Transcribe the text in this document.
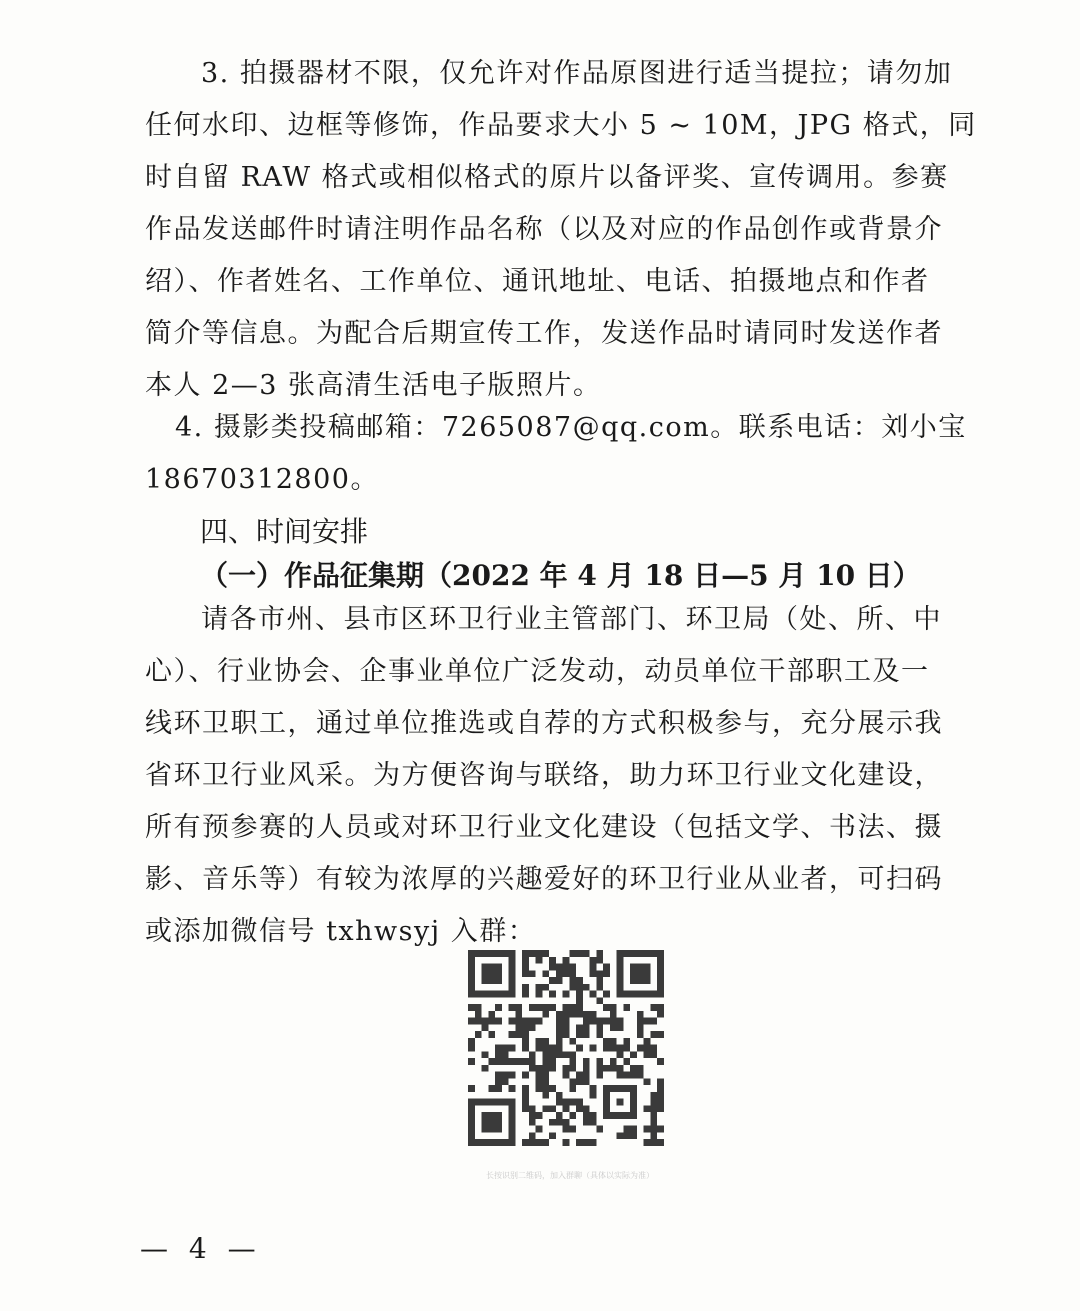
3. 拍摄器材不限，仅允许对作品原图进行适当提拉；请勿加
任何水印、边框等修饰，作品要求大小 5 ~ 10M，JPG 格式，同
时自留 RAW 格式或相似格式的原片以备评奖、宣传调用。参赛
作品发送邮件时请注明作品名称（以及对应的作品创作或背景介
绍）、作者姓名、工作单位、通讯地址、电话、拍摄地点和作者
简介等信息。为配合后期宣传工作，发送作品时请同时发送作者
本人 2—3 张高清生活电子版照片。
4. 摄影类投稿邮箱：7265087@qq.com。联系电话：刘小宝
18670312800。
四、时间安排
（一）作品征集期（2022 年 4 月 18 日—5 月 10 日）
请各市州、县市区环卫行业主管部门、环卫局（处、所、中
心）、行业协会、企事业单位广泛发动，动员单位干部职工及一
线环卫职工，通过单位推选或自荐的方式积极参与，充分展示我
省环卫行业风采。为方便咨询与联络，助力环卫行业文化建设，
所有预参赛的人员或对环卫行业文化建设（包括文学、书法、摄
影、音乐等）有较为浓厚的兴趣爱好的环卫行业从业者，可扫码
或添加微信号 txhwsyj 入群：
长按识别二维码，加入群聊（具体以实际为准）
— 4 —
